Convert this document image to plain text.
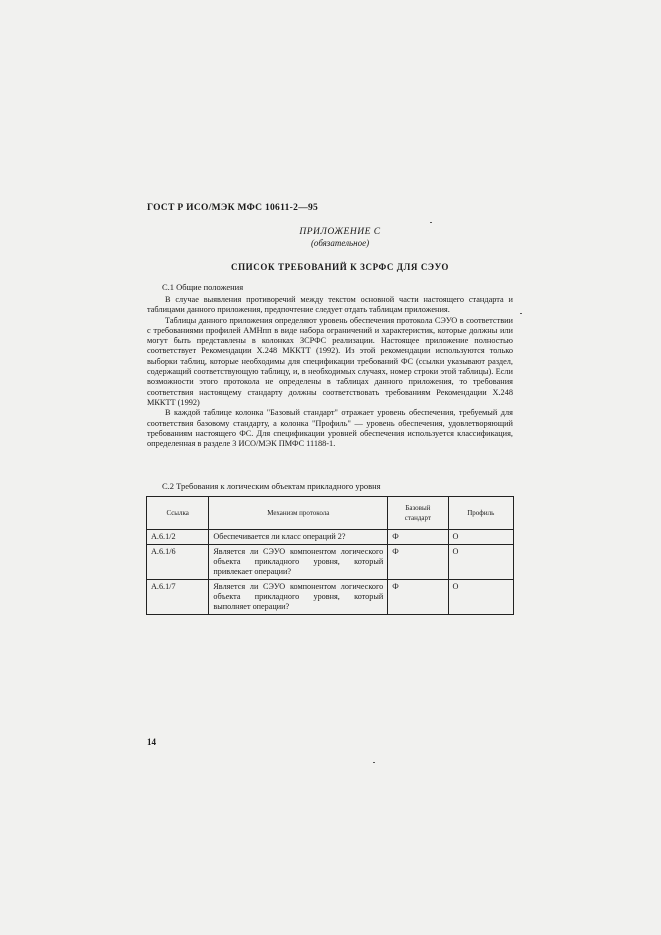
ГОСТ Р ИСО/МЭК МФС 10611-2—95
ПРИЛОЖЕНИЕ С
(обязательное)
СПИСОК ТРЕБОВАНИЙ К ЗСРФС ДЛЯ СЭУО
С.1 Общие положения

В случае выявления противоречий между текстом основной части настоящего стандарта и таблицами данного приложения, предпочтение следует отдать таблицам приложения.

Таблицы данного приложения определяют уровень обеспечения протокола СЭУО в соответствии с требованиями профилей АМНпп в виде набора ограничений и характеристик, которые должны или могут быть представлены в колонках ЗСРФС реализации. Настоящее приложение полностью соответствует Рекомендации X.248 МККТТ (1992). Из этой рекомендации используются только выборки таблиц, которые необходимы для спецификации требований ФС (ссылки указывают раздел, содержащий соответствующую таблицу, и, в необходимых случаях, номер строки этой таблицы). Если возможности этого протокола не определены в таблицах данного приложения, то требования соответствия настоящему стандарту должны соответствовать требованиям Рекомендации X.248 МККТТ (1992)

В каждой таблице колонка "Базовый стандарт" отражает уровень обеспечения, требуемый для соответствия базовому стандарту, а колонка "Профиль" — уровень обеспечения, удовлетворяющий требованиям настоящего ФС. Для спецификации уровней обеспечения используется классификация, определенная в разделе 3 ИСО/МЭК ПМФС 11188-1.

С.2 Требования к логическим объектам прикладного уровня
Ссылка	Механизм протокола	Базовый стандарт	Профиль
А.6.1/2	Обеспечивается ли класс операций 2?	Ф	О
А.6.1/6	Является ли СЭУО компонентом логического объекта прикладного уровня, который привлекает операции?	Ф	О
А.6.1/7	Является ли СЭУО компонентом логического объекта прикладного уровня, который выполняет операции?	Ф	О
14
